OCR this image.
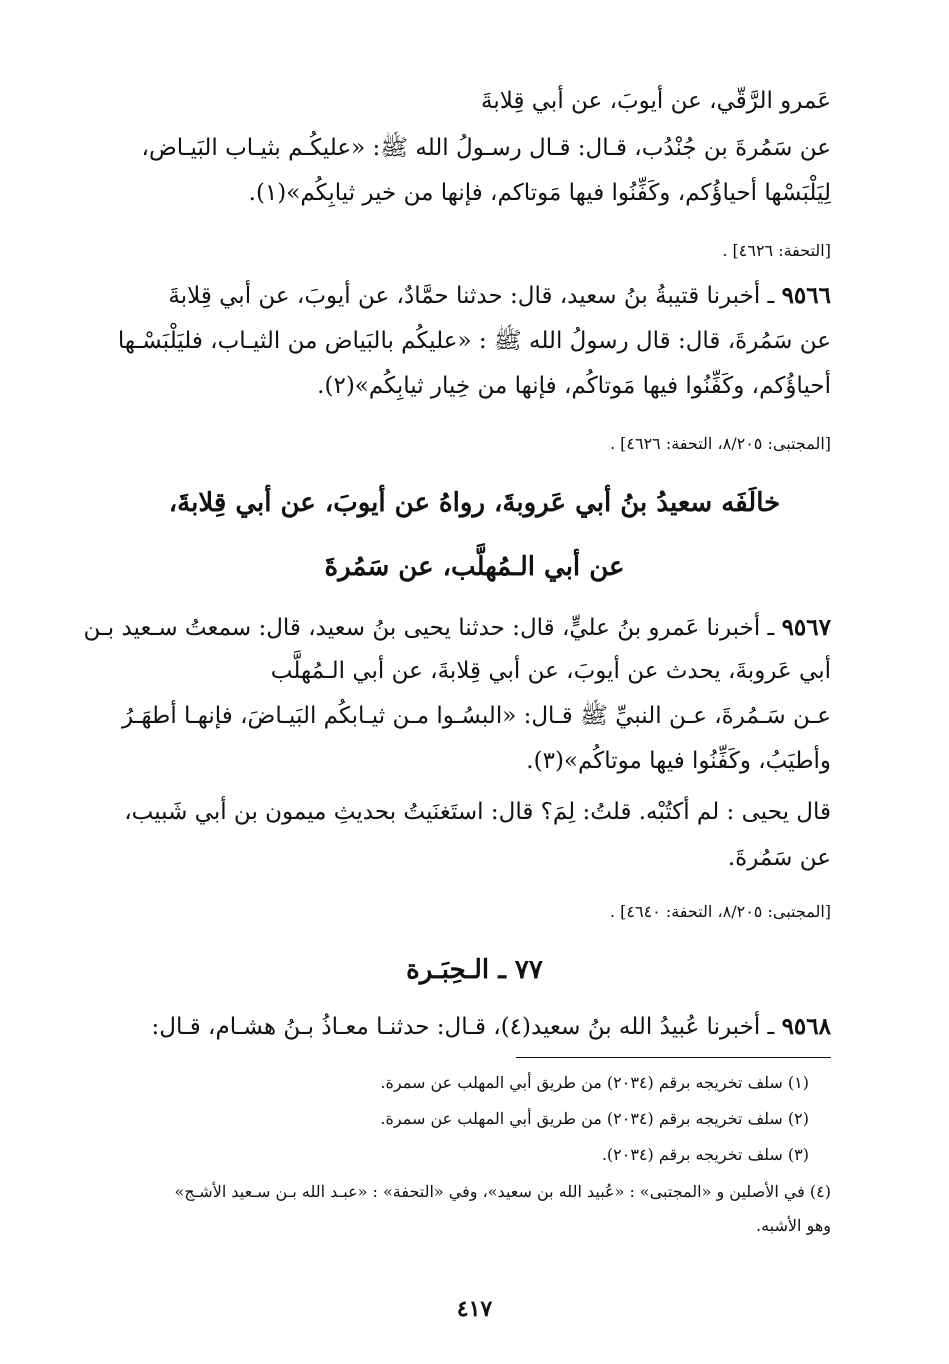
عَمرو الرَّقّي، عن أيوبَ، عن أبي قِلابةَ
عن سَمُرةَ بن جُنْدُب، قـال: قـال رسـولُ الله ﷺ: «عليكُـم بثيـاب البَيـاض،
لِيَلْبَسْها أحياؤُكم، وكَفِّنُوا فيها مَوتاكم، فإنها من خير ثيابِكُم»(١).
[التحفة: ٤٦٢٦] .
٩٥٦٦ ـ أخبرنا قتيبةُ بنُ سعيد، قال: حدثنا حمَّادٌ، عن أيوبَ، عن أبي قِلابةَ
عن سَمُرةَ، قال: قال رسولُ الله ﷺ : «عليكُم بالبَياض من الثيـاب، فليَلْبَسْـها
أحياؤُكم، وكَفِّنُوا فيها مَوتاكُم، فإنها من خِيار ثيابِكُم»(٢).
[المجتبى: ٨/٢٠٥، التحفة: ٤٦٢٦] .
خالَفَه سعيدُ بنُ أبي عَروبةَ، رواهُ عن أيوبَ، عن أبي قِلابةَ،
عن أبي الـمُهلَّب، عن سَمُرةَ
٩٥٦٧ ـ أخبرنا عَمرو بنُ عليٍّ، قال: حدثنا يحيى بنُ سعيد، قال: سمعتُ سـعيد بـن
أبي عَروبةَ، يحدث عن أيوبَ، عن أبي قِلابةَ، عن أبي الـمُهلَّب
عـن سَـمُرةَ، عـن النبيِّ ﷺ قـال: «البسُـوا مـن ثيـابكُم البَيـاضَ، فإنهـا أطهَـرُ
وأطيَبُ، وكَفِّنُوا فيها موتاكُم»(٣).
قال يحيى : لم أكتُبْه. قلتُ: لِمَ؟ قال: استَغنَيتُ بحديثِ ميمون بن أبي شَبيب،
عن سَمُرةَ.
[المجتبى: ٨/٢٠٥، التحفة: ٤٦٤٠] .
٧٧ ـ الـحِبَـرة
٩٥٦٨ ـ أخبرنا عُبيدُ الله بنُ سعيد(٤)، قـال: حدثنـا معـاذُ بـنُ هشـام، قـال:
(١) سلف تخريجه برقم (٢٠٣٤) من طريق أبي المهلب عن سمرة.
(٢) سلف تخريجه برقم (٢٠٣٤) من طريق أبي المهلب عن سمرة.
(٣) سلف تخريجه برقم (٢٠٣٤).
(٤) في الأصلين و «المجتبى» : «عُبيد الله بن سعيد»، وفي «التحفة» : «عبـد الله بـن سـعيد الأشـج»
وهو الأشبه.
٤١٧
